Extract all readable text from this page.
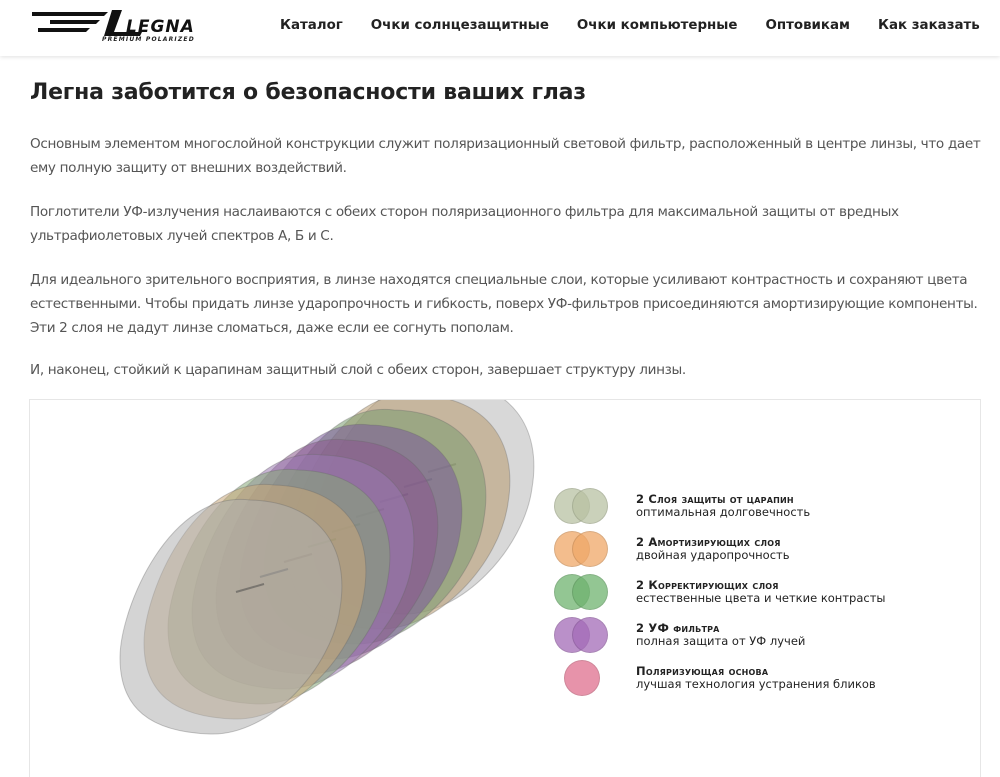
LEGNA
PREMIUM POLARIZED
Каталог Очки солнцезащитные Очки компьютерные Оптовикам Как заказать
Легна заботится о безопасности ваших глаз

Основным элементом многослойной конструкции служит поляризационный световой фильтр, расположенный в центре линзы, что дает ему полную защиту от внешних воздействий.

Поглотители УФ-излучения наслаиваются с обеих сторон поляризационного фильтра для максимальной защиты от вредных ультрафиолетовых лучей спектров А, Б и С.

Для идеального зрительного восприятия, в линзе находятся специальные слои, которые усиливают контрастность и сохраняют цвета естественными. Чтобы придать линзе ударопрочность и гибкость, поверх УФ-фильтров присоединяются амортизирующие компоненты. Эти 2 слоя не дадут линзе сломаться, даже если ее согнуть пополам.

И, наконец, стойкий к царапинам защитный слой с обеих сторон, завершает структуру линзы.

2 Слоя защиты от царапин
оптимальная долговечность
2 Амортизирующих слоя
двойная ударопрочность
2 Корректирующих слоя
естественные цвета и четкие контрасты
2 УФ фильтра
полная защита от УФ лучей
Поляризующая основа
лучшая технология устранения бликов
